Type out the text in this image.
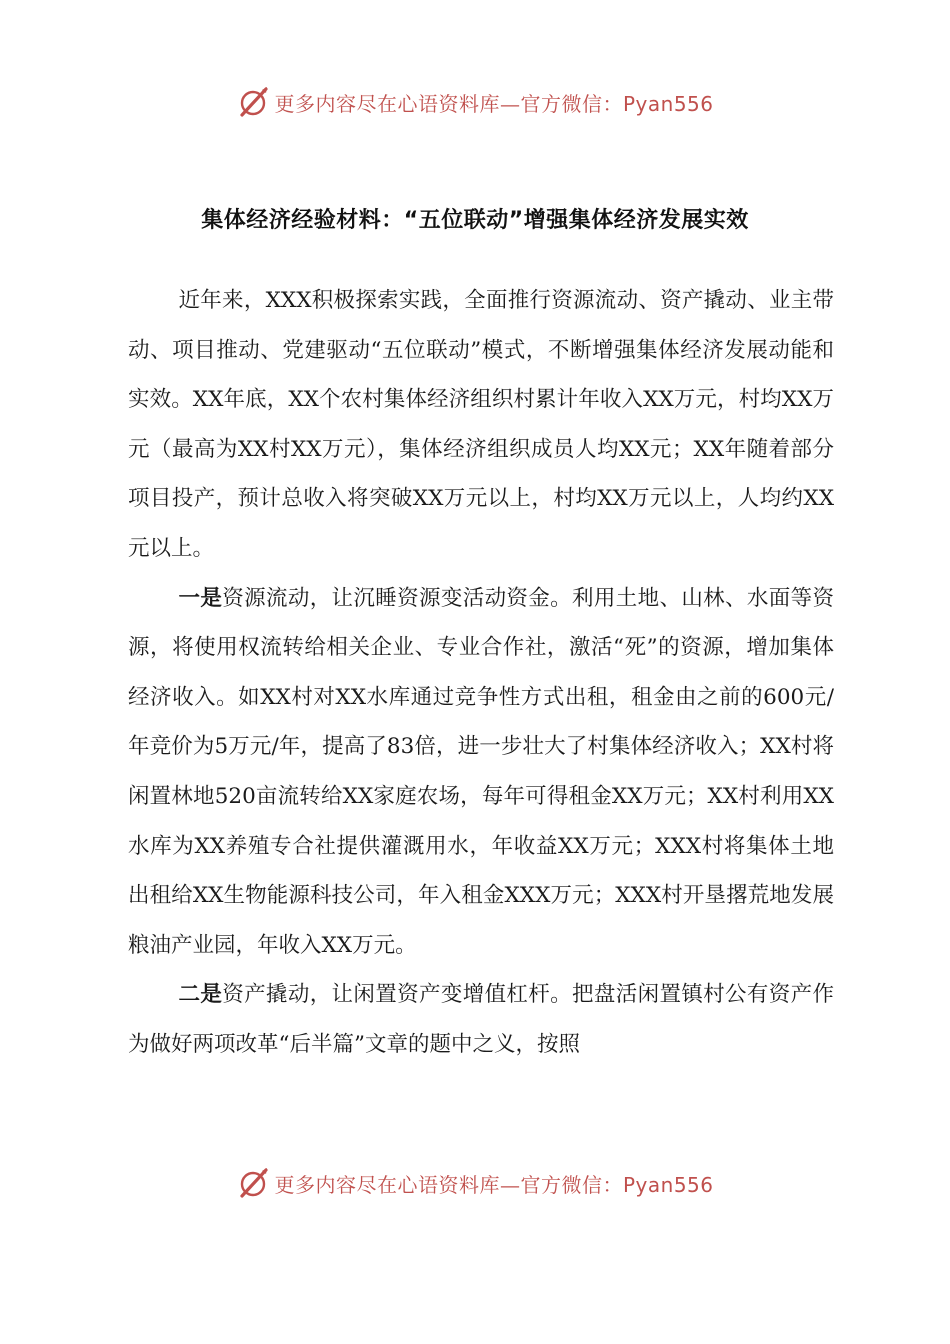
更多内容尽在心语资料库—官方微信：Pyan556
集体经济经验材料：“五位联动”增强集体经济发展实效

近年来，XXX积极探索实践，全面推行资源流动、资产撬动、业主带动、项目推动、党建驱动“五位联动”模式，不断增强集体经济发展动能和实效。XX年底，XX个农村集体经济组织村累计年收入XX万元，村均XX万元（最高为XX村XX万元），集体经济组织成员人均XX元；XX年随着部分项目投产，预计总收入将突破XX万元以上，村均XX万元以上，人均约XX元以上。

一是资源流动，让沉睡资源变活动资金。利用土地、山林、水面等资源，将使用权流转给相关企业、专业合作社，激活“死”的资源，增加集体经济收入。如XX村对XX水库通过竞争性方式出租，租金由之前的600元/年竞价为5万元/年，提高了83倍，进一步壮大了村集体经济收入；XX村将闲置林地520亩流转给XX家庭农场，每年可得租金XX万元；XX村利用XX水库为XX养殖专合社提供灌溉用水，年收益XX万元；XXX村将集体土地出租给XX生物能源科技公司，年入租金XXX万元；XXX村开垦撂荒地发展粮油产业园，年收入XX万元。

二是资产撬动，让闲置资产变增值杠杆。把盘活闲置镇村公有资产作为做好两项改革“后半篇”文章的题中之义，按照

更多内容尽在心语资料库—官方微信：Pyan556
